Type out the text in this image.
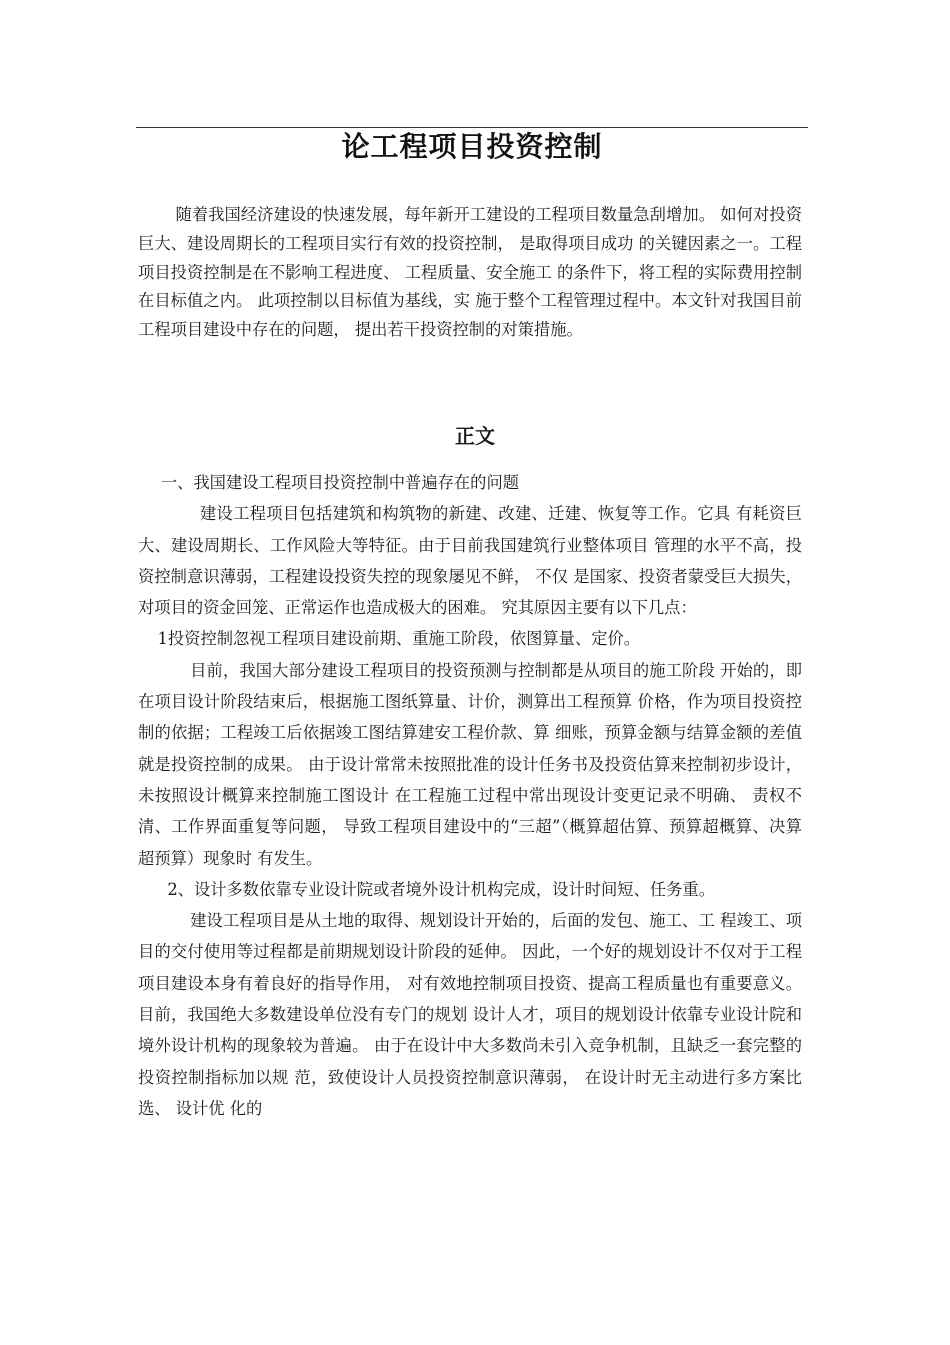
论工程项目投资控制

随着我国经济建设的快速发展，每年新开工建设的工程项目数量急刮增加。 如何对投资巨大、建设周期长的工程项目实行有效的投资控制， 是取得项目成功 的关键因素之一。工程项目投资控制是在不影响工程进度、 工程质量、安全施工 的条件下，将工程的实际费用控制在目标值之内。 此项控制以目标值为基线，实 施于整个工程管理过程中。本文针对我国目前工程项目建设中存在的问题， 提出若干投资控制的对策措施。

正文

一、我国建设工程项目投资控制中普遍存在的问题

建设工程项目包括建筑和构筑物的新建、改建、迁建、恢复等工作。它具 有耗资巨大、建设周期长、工作风险大等特征。由于目前我国建筑行业整体项目 管理的水平不高，投资控制意识薄弱，工程建设投资失控的现象屡见不鲜， 不仅 是国家、投资者蒙受巨大损失，对项目的资金回笼、正常运作也造成极大的困难。 究其原因主要有以下几点：

1投资控制忽视工程项目建设前期、重施工阶段，依图算量、定价。

目前，我国大部分建设工程项目的投资预测与控制都是从项目的施工阶段 开始的，即在项目设计阶段结束后，根据施工图纸算量、计价，测算出工程预算 价格，作为项目投资控制的依据；工程竣工后依据竣工图结算建安工程价款、算 细账，预算金额与结算金额的差值就是投资控制的成果。 由于设计常常未按照批准的设计任务书及投资估算来控制初步设计，未按照设计概算来控制施工图设计 在工程施工过程中常出现设计变更记录不明确、 责权不清、工作界面重复等问题， 导致工程项目建设中的“三超”（概算超估算、预算超概算、决算超预算）现象时 有发生。

2、设计多数依靠专业设计院或者境外设计机构完成，设计时间短、任务重。

建设工程项目是从土地的取得、规划设计开始的，后面的发包、施工、工 程竣工、项目的交付使用等过程都是前期规划设计阶段的延伸。 因此，一个好的规划设计不仅对于工程项目建设本身有着良好的指导作用， 对有效地控制项目投资、提高工程质量也有重要意义。目前，我国绝大多数建设单位没有专门的规划 设计人才，项目的规划设计依靠专业设计院和境外设计机构的现象较为普遍。 由于在设计中大多数尚未引入竞争机制，且缺乏一套完整的投资控制指标加以规 范，致使设计人员投资控制意识薄弱， 在设计时无主动进行多方案比选、 设计优 化的
